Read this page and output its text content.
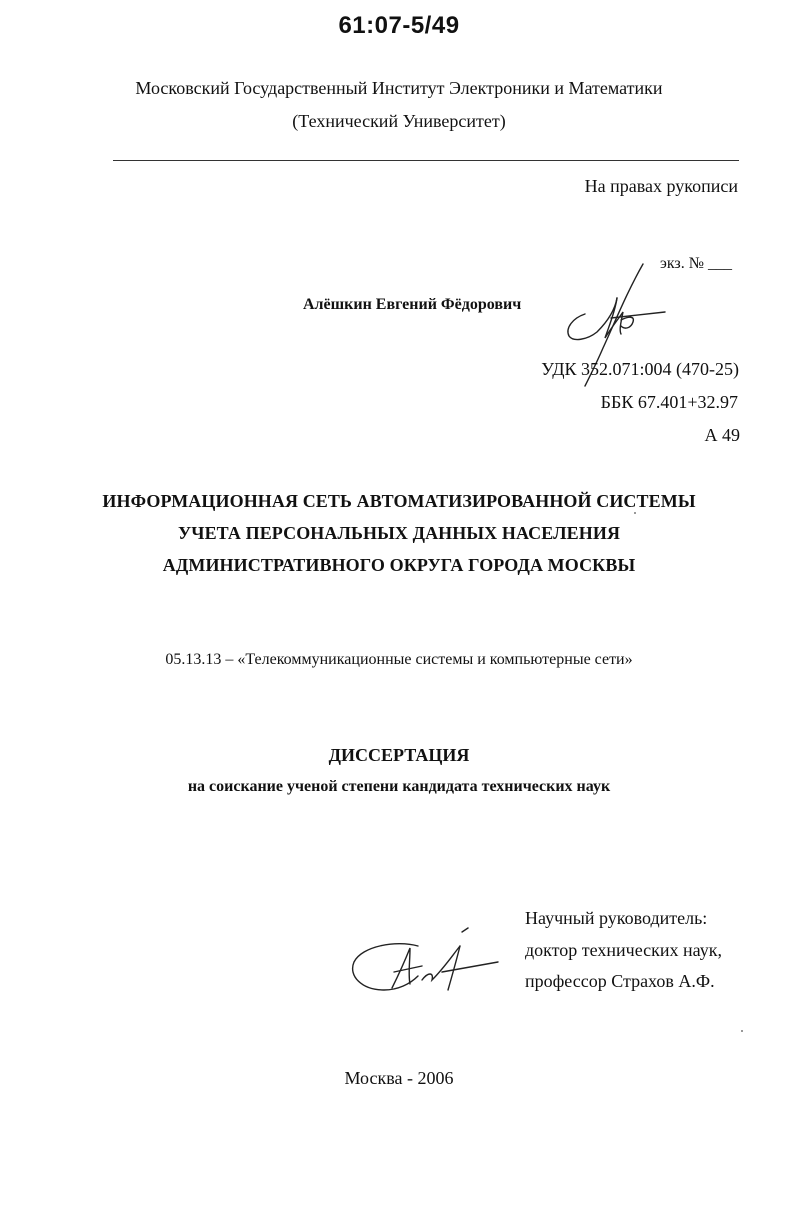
61:07-5/49
Московский Государственный Институт Электроники и Математики
(Технический Университет)
На правах рукописи
экз. № ___
Алёшкин Евгений Фёдорович
УДК 352.071:004 (470-25)
ББК 67.401+32.97
А 49
ИНФОРМАЦИОННАЯ СЕТЬ АВТОМАТИЗИРОВАННОЙ СИСТЕМЫ
УЧЕТА ПЕРСОНАЛЬНЫХ ДАННЫХ НАСЕЛЕНИЯ
АДМИНИСТРАТИВНОГО ОКРУГА ГОРОДА МОСКВЫ
05.13.13 – «Телекоммуникационные системы и компьютерные сети»
ДИССЕРТАЦИЯ
на соискание ученой степени кандидата технических наук
Научный руководитель:
доктор технических наук,
профессор Страхов А.Ф.
Москва - 2006
